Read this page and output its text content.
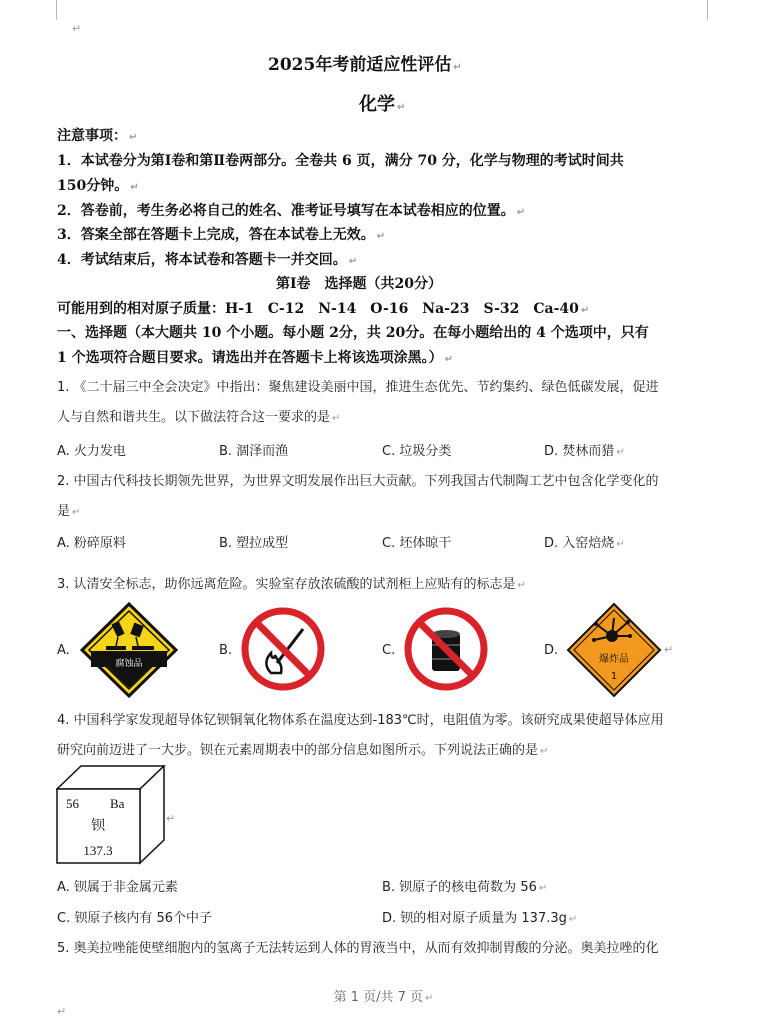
↵
2025年考前适应性评估 ↵
化学 ↵
注意事项： ↵
1．本试卷分为第Ⅰ卷和第Ⅱ卷两部分。全卷共 6 页，满分 70 分，化学与物理的考试时间共
150分钟。 ↵
2．答卷前，考生务必将自己的姓名、准考证号填写在本试卷相应的位置。 ↵
3．答案全部在答题卡上完成，答在本试卷上无效。 ↵
4．考试结束后，将本试卷和答题卡一并交回。 ↵
第Ⅰ卷　选择题（共20分）
可能用到的相对原子质量：H-1　C-12　N-14　O-16　Na-23　S-32　Ca-40 ↵
一、选择题（本大题共 10 个小题。每小题 2分，共 20分。在每小题给出的 4 个选项中，只有
1 个选项符合题目要求。请选出并在答题卡上将该选项涂黑。） ↵
1. 《二十届三中全会决定》中指出：聚焦建设美丽中国，推进生态优先、节约集约、绿色低碳发展，促进
人与自然和谐共生。以下做法符合这一要求的是 ↵
A. 火力发电	B. 涸泽而渔	C. 垃圾分类	D. 焚林而猎 ↵
2. 中国古代科技长期领先世界，为世界文明发展作出巨大贡献。下列我国古代制陶工艺中包含化学变化的
是 ↵
A. 粉碎原料	B. 塑拉成型	C. 坯体晾干	D. 入窑焙烧 ↵
3. 认清安全标志，助你远离危险。实验室存放浓硫酸的试剂柜上应贴有的标志是 ↵
A.
腐蚀品
B.	C.	D.
爆炸品
1
↵
4. 中国科学家发现超导体钇钡铜氧化物体系在温度达到-183℃时，电阻值为零。该研究成果使超导体应用
研究向前迈进了一大步。钡在元素周期表中的部分信息如图所示。下列说法正确的是 ↵
56 Ba
钡
137.3
↵
A. 钡属于非金属元素	B. 钡原子的核电荷数为 56 ↵
C. 钡原子核内有 56个中子	D. 钡的相对原子质量为 137.3g ↵
5. 奥美拉唑能使壁细胞内的氢离子无法转运到人体的胃液当中，从而有效抑制胃酸的分泌。奥美拉唑的化
第 1 页/共 7 页 ↵
↵
